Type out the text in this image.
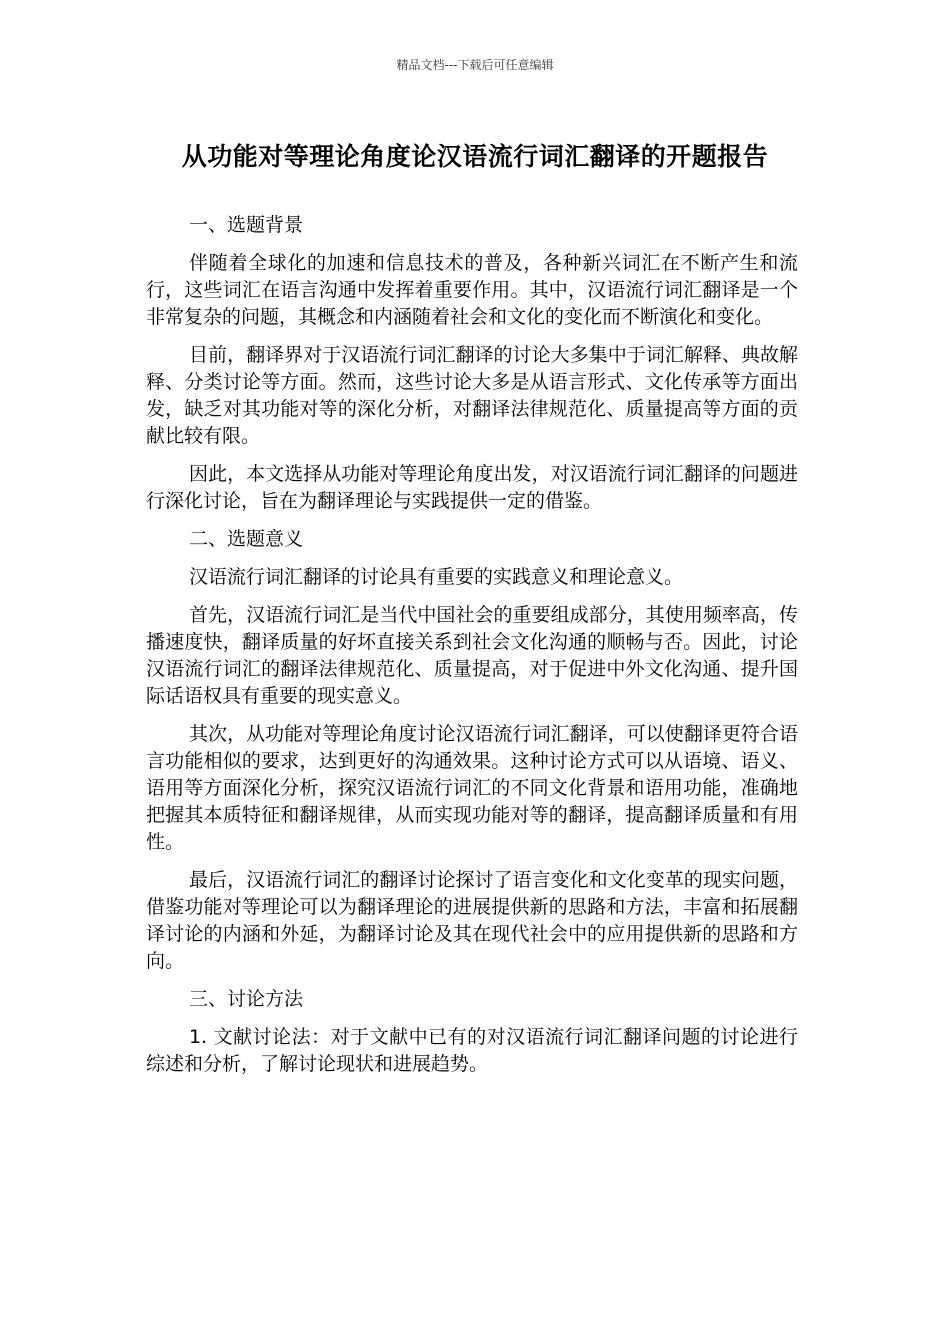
精品文档---下载后可任意编辑
从功能对等理论角度论汉语流行词汇翻译的开题报告

一、选题背景

伴随着全球化的加速和信息技术的普及，各种新兴词汇在不断产生和流行，这些词汇在语言沟通中发挥着重要作用。其中，汉语流行词汇翻译是一个非常复杂的问题，其概念和内涵随着社会和文化的变化而不断演化和变化。

目前，翻译界对于汉语流行词汇翻译的讨论大多集中于词汇解释、典故解释、分类讨论等方面。然而，这些讨论大多是从语言形式、文化传承等方面出发，缺乏对其功能对等的深化分析，对翻译法律规范化、质量提高等方面的贡献比较有限。

因此，本文选择从功能对等理论角度出发，对汉语流行词汇翻译的问题进行深化讨论，旨在为翻译理论与实践提供一定的借鉴。

二、选题意义

汉语流行词汇翻译的讨论具有重要的实践意义和理论意义。

首先，汉语流行词汇是当代中国社会的重要组成部分，其使用频率高，传播速度快，翻译质量的好坏直接关系到社会文化沟通的顺畅与否。因此，讨论汉语流行词汇的翻译法律规范化、质量提高，对于促进中外文化沟通、提升国际话语权具有重要的现实意义。

其次，从功能对等理论角度讨论汉语流行词汇翻译，可以使翻译更符合语言功能相似的要求，达到更好的沟通效果。这种讨论方式可以从语境、语义、语用等方面深化分析，探究汉语流行词汇的不同文化背景和语用功能，准确地把握其本质特征和翻译规律，从而实现功能对等的翻译，提高翻译质量和有用性。

最后，汉语流行词汇的翻译讨论探讨了语言变化和文化变革的现实问题，借鉴功能对等理论可以为翻译理论的进展提供新的思路和方法，丰富和拓展翻译讨论的内涵和外延，为翻译讨论及其在现代社会中的应用提供新的思路和方向。

三、讨论方法

1. 文献讨论法：对于文献中已有的对汉语流行词汇翻译问题的讨论进行综述和分析，了解讨论现状和进展趋势。
